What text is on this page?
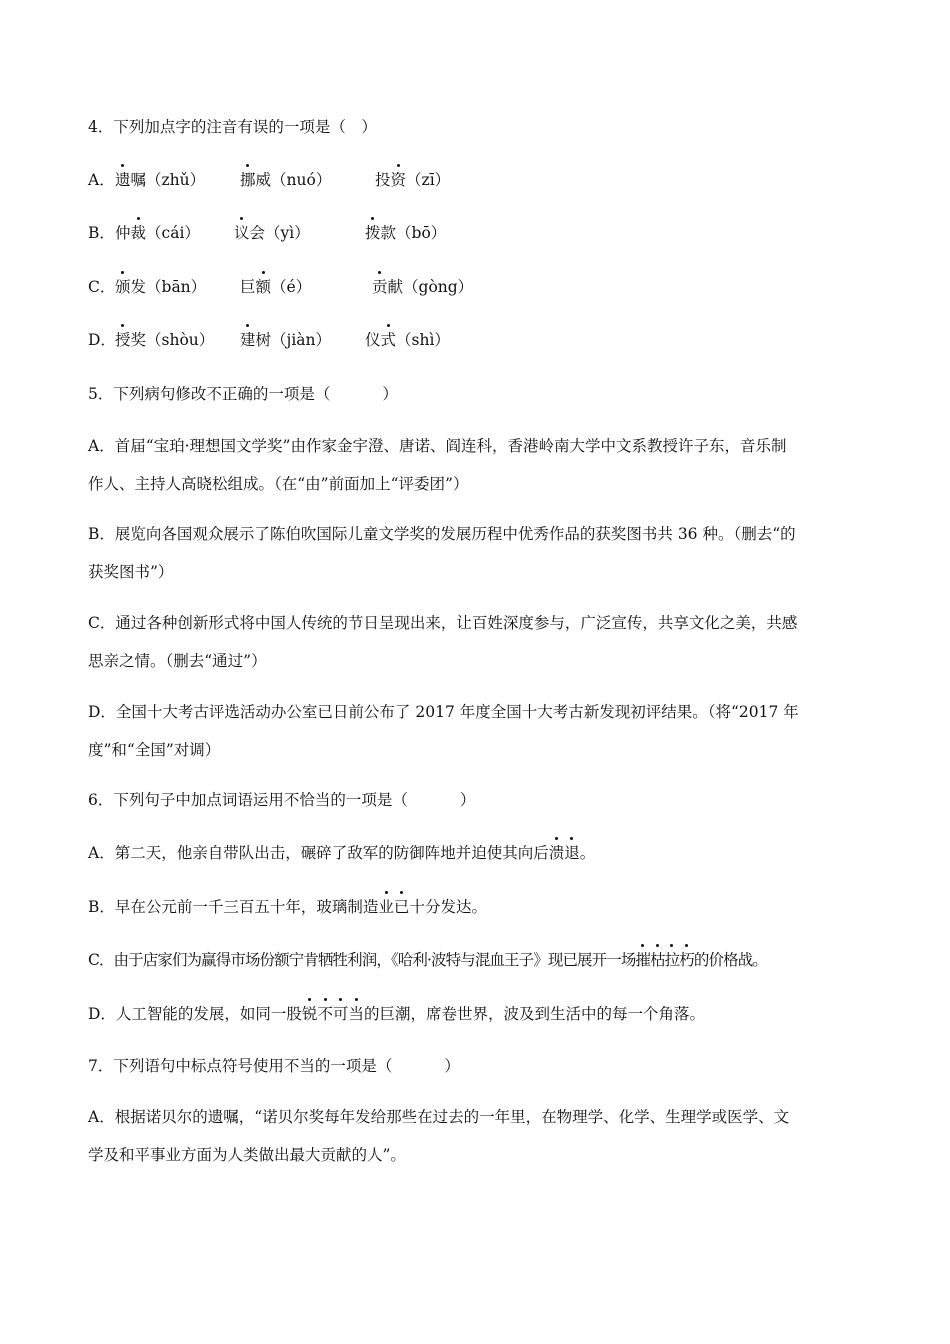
4．下列加点字的注音有误的一项是（　）
A． 遗嘱（zhǔ） 挪威（nuó）	投资（zī）
B． 仲裁（cái） 议会（yì）	拨款（bō）
C． 颁发（bān） 巨额（é）	贡献（gòng）
D． 授奖（shòu） 建树（jiàn） 仪式（shì）
5．下列病句修改不正确的一项是（	）
A．首届“宝珀·理想国文学奖”由作家金宇澄、唐诺、阎连科，香港岭南大学中文系教授许子东，音乐制
作人、主持人高晓松组成。（在“由”前面加上“评委团”）
B．展览向各国观众展示了陈伯吹国际儿童文学奖的发展历程中优秀作品的获奖图书共 36 种。（删去“的
获奖图书”）
C．通过各种创新形式将中国人传统的节日呈现出来，让百姓深度参与，广泛宣传，共享文化之美，共感
思亲之情。（删去“通过”）
D．全国十大考古评选活动办公室已日前公布了 2017 年度全国十大考古新发现初评结果。（将“2017 年
度”和“全国”对调）
6．下列句子中加点词语运用不恰当的一项是（	）
A．第二天，他亲自带队出击，碾碎了敌军的防御阵地并迫使其向后溃退。
B．早在公元前一千三百五十年，玻璃制造业已十分发达。
C．由于店家们为赢得市场份额宁肯牺牲利润，《哈利·波特与混血王子》现已展开一场摧枯拉朽的价格战。
D．人工智能的发展，如同一股锐不可当的巨潮，席卷世界，波及到生活中的每一个角落。
7．下列语句中标点符号使用不当的一项是（	）
A．根据诺贝尔的遗嘱，“诺贝尔奖每年发给那些在过去的一年里，在物理学、化学、生理学或医学、文
学及和平事业方面为人类做出最大贡献的人”。
